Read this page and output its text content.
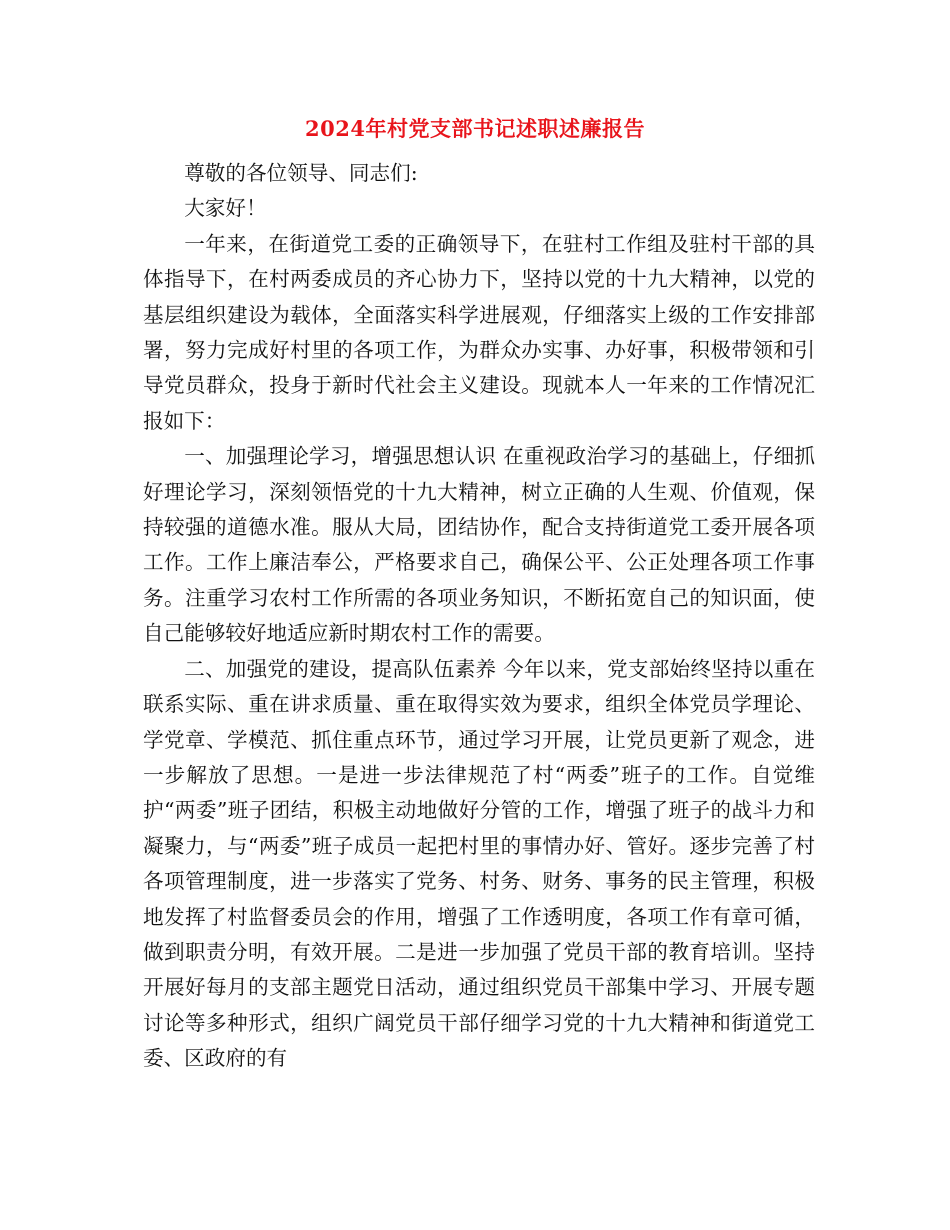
2024年村党支部书记述职述廉报告

尊敬的各位领导、同志们:

大家好！

一年来，在街道党工委的正确领导下，在驻村工作组及驻村干部的具体指导下，在村两委成员的齐心协力下，坚持以党的十九大精神，以党的基层组织建设为载体，全面落实科学进展观，仔细落实上级的工作安排部署，努力完成好村里的各项工作，为群众办实事、办好事，积极带领和引导党员群众，投身于新时代社会主义建设。现就本人一年来的工作情况汇报如下：

一、加强理论学习，增强思想认识 在重视政治学习的基础上，仔细抓好理论学习，深刻领悟党的十九大精神，树立正确的人生观、价值观，保持较强的道德水准。服从大局，团结协作，配合支持街道党工委开展各项工作。工作上廉洁奉公，严格要求自己，确保公平、公正处理各项工作事务。注重学习农村工作所需的各项业务知识，不断拓宽自己的知识面，使自己能够较好地适应新时期农村工作的需要。

二、加强党的建设，提高队伍素养 今年以来，党支部始终坚持以重在联系实际、重在讲求质量、重在取得实效为要求，组织全体党员学理论、学党章、学模范、抓住重点环节，通过学习开展，让党员更新了观念，进一步解放了思想。一是进一步法律规范了村“两委”班子的工作。自觉维护“两委”班子团结，积极主动地做好分管的工作，增强了班子的战斗力和凝聚力，与“两委”班子成员一起把村里的事情办好、管好。逐步完善了村各项管理制度，进一步落实了党务、村务、财务、事务的民主管理，积极地发挥了村监督委员会的作用，增强了工作透明度，各项工作有章可循，做到职责分明，有效开展。二是进一步加强了党员干部的教育培训。坚持开展好每月的支部主题党日活动，通过组织党员干部集中学习、开展专题讨论等多种形式，组织广阔党员干部仔细学习党的十九大精神和街道党工委、区政府的有
